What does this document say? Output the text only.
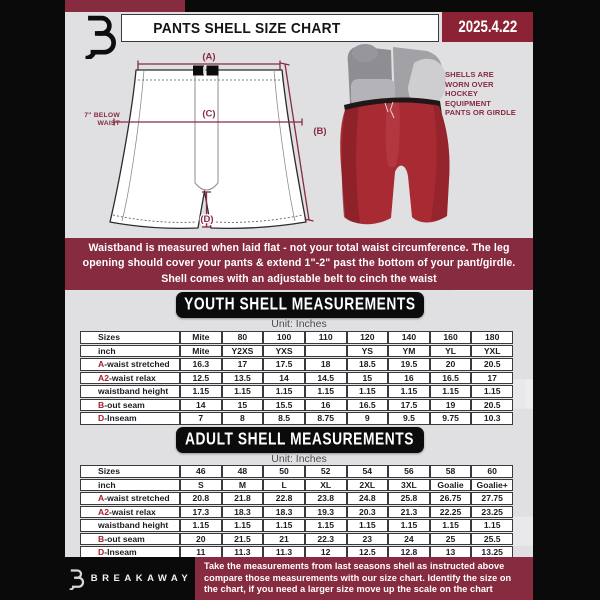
PANTS SHELL SIZE CHART	2025.4.22
(A)
(C)
(B)
(D)
7" BELOW WAIST
SHELLS ARE WORN OVER HOCKEY EQUIPMENT PANTS OR GIRDLE

Waistband is measured when laid flat - not your total waist circumference. The leg opening should cover your pants & extend 1"-2" past the bottom of your pant/girdle. Shell comes with an adjustable belt to cinch the waist

YOUTH SHELL MEASUREMENTS
Unit: Inches
Sizes	Mite	80	100	110	120	140	160	180
inch	Mite	Y2XS	YXS		YS	YM	YL	YXL
A-waist stretched	16.3	17	17.5	18	18.5	19.5	20	20.5
A2-waist relax	12.5	13.5	14	14.5	15	16	16.5	17
waistband height	1.15	1.15	1.15	1.15	1.15	1.15	1.15	1.15
B-out seam	14	15	15.5	16	16.5	17.5	19	20.5
D-Inseam	7	8	8.5	8.75	9	9.5	9.75	10.3
ADULT SHELL MEASUREMENTS
Unit: Inches
Sizes	46	48	50	52	54	56	58	60
inch	S	M	L	XL	2XL	3XL	Goalie	Goalie+
A-waist stretched	20.8	21.8	22.8	23.8	24.8	25.8	26.75	27.75
A2-waist relax	17.3	18.3	18.3	19.3	20.3	21.3	22.25	23.25
waistband height	1.15	1.15	1.15	1.15	1.15	1.15	1.15	1.15
B-out seam	20	21.5	21	22.3	23	24	25	25.5
D-Inseam	11	11.3	11.3	12	12.5	12.8	13	13.25
BREAKAWAY

Take the measurements from last seasons shell as instructed above compare those measurements with our size chart. Identify the size on the chart, if you need a larger size move up the scale on the chart
